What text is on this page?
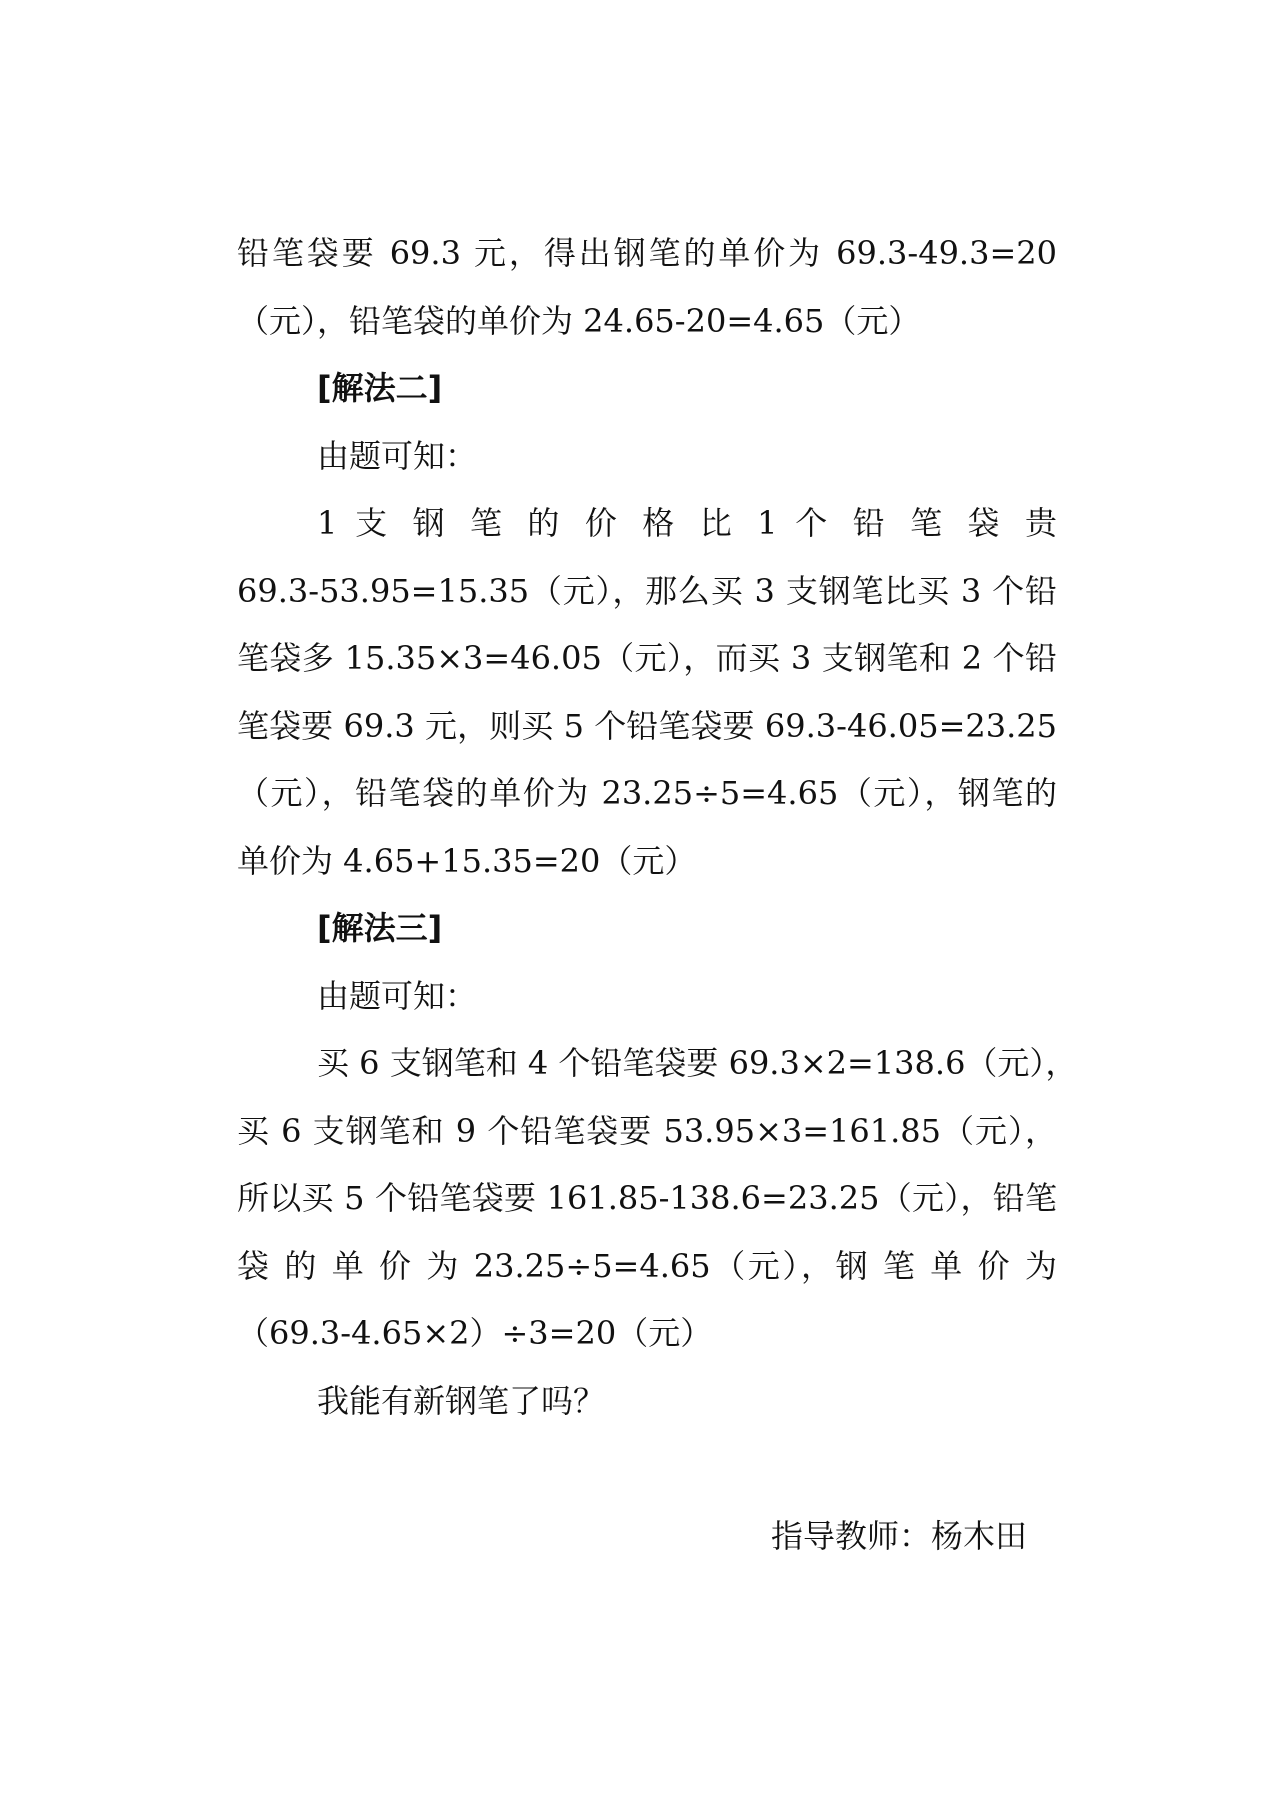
铅笔袋要 69.3 元，得出钢笔的单价为 69.3-49.3=20
（元），铅笔袋的单价为 24.65-20=4.65（元）
[解法二]
由题可知：
1 支 钢 笔 的 价 格 比 1 个 铅 笔 袋 贵
69.3-53.95=15.35（元），那么买 3 支钢笔比买 3 个铅
笔袋多 15.35×3=46.05（元），而买 3 支钢笔和 2 个铅
笔袋要 69.3 元，则买 5 个铅笔袋要 69.3-46.05=23.25
（元），铅笔袋的单价为 23.25÷5=4.65（元），钢笔的
单价为 4.65+15.35=20（元）
[解法三]
由题可知：
买 6 支钢笔和 4 个铅笔袋要 69.3×2=138.6（元），
买 6 支钢笔和 9 个铅笔袋要 53.95×3=161.85（元），
所以买 5 个铅笔袋要 161.85-138.6=23.25（元），铅笔
袋 的 单 价 为 23.25÷5=4.65（元），钢 笔 单 价 为
（69.3-4.65×2）÷3=20（元）
我能有新钢笔了吗？
指导教师：杨木田
